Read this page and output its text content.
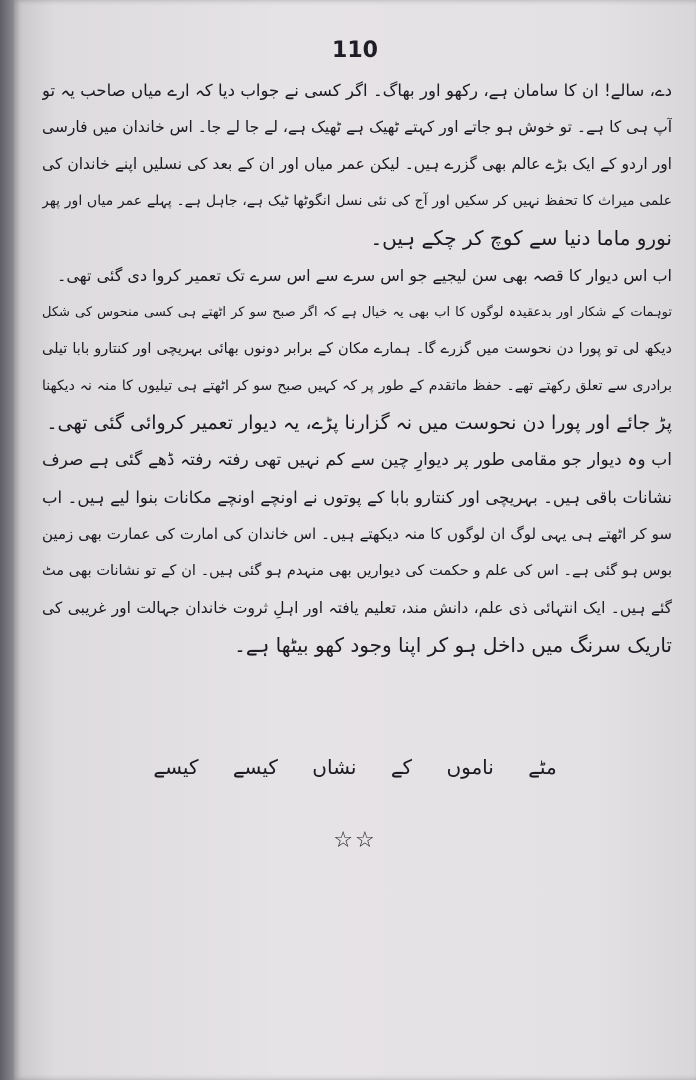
110
دے، سالے! ان کا سامان ہے، رکھو اور بھاگ۔ اگر کسی نے جواب دیا کہ ارے میاں صاحب یہ تو
آپ ہی کا ہے۔ تو خوش ہو جاتے اور کہتے ٹھیک ہے ٹھیک ہے، لے جا لے جا۔ اس خاندان میں فارسی
اور اردو کے ایک بڑے عالم بھی گزرے ہیں۔ لیکن عمر میاں اور ان کے بعد کی نسلیں اپنے خاندان کی
علمی میراث کا تحفظ نہیں کر سکیں اور آج کی نئی نسل انگوٹھا ٹیک ہے، جاہل ہے۔ پہلے عمر میاں اور پھر
نورو ماما دنیا سے کوچ کر چکے ہیں۔
اب اس دیوار کا قصہ بھی سن لیجیے جو اس سرے سے اس سرے تک تعمیر کروا دی گئی تھی۔
توہمات کے شکار اور بدعقیدہ لوگوں کا اب بھی یہ خیال ہے کہ اگر صبح سو کر اٹھتے ہی کسی منحوس کی شکل
دیکھ لی تو پورا دن نحوست میں گزرے گا۔ ہمارے مکان کے برابر دونوں بھائی بہریچی اور کنتارو بابا تیلی
برادری سے تعلق رکھتے تھے۔ حفظ ماتقدم کے طور پر کہ کہیں صبح سو کر اٹھتے ہی تیلیوں کا منہ نہ دیکھنا
پڑ جائے اور پورا دن نحوست میں نہ گزارنا پڑے، یہ دیوار تعمیر کروائی گئی تھی۔
اب وہ دیوار جو مقامی طور پر دیوارِ چین سے کم نہیں تھی رفتہ رفتہ ڈھے گئی ہے صرف
نشانات باقی ہیں۔ بہریچی اور کنتارو بابا کے پوتوں نے اونچے اونچے مکانات بنوا لیے ہیں۔ اب
سو کر اٹھتے ہی یہی لوگ ان لوگوں کا منہ دیکھتے ہیں۔ اس خاندان کی امارت کی عمارت بھی زمین
بوس ہو گئی ہے۔ اس کی علم و حکمت کی دیواریں بھی منہدم ہو گئی ہیں۔ ان کے تو نشانات بھی مٹ
گئے ہیں۔ ایک انتہائی ذی علم، دانش مند، تعلیم یافتہ اور اہلِ ثروت خاندان جہالت اور غریبی کی
تاریک سرنگ میں داخل ہو کر اپنا وجود کھو بیٹھا ہے۔
مٹے ناموں کے نشاں کیسے کیسے
☆☆
